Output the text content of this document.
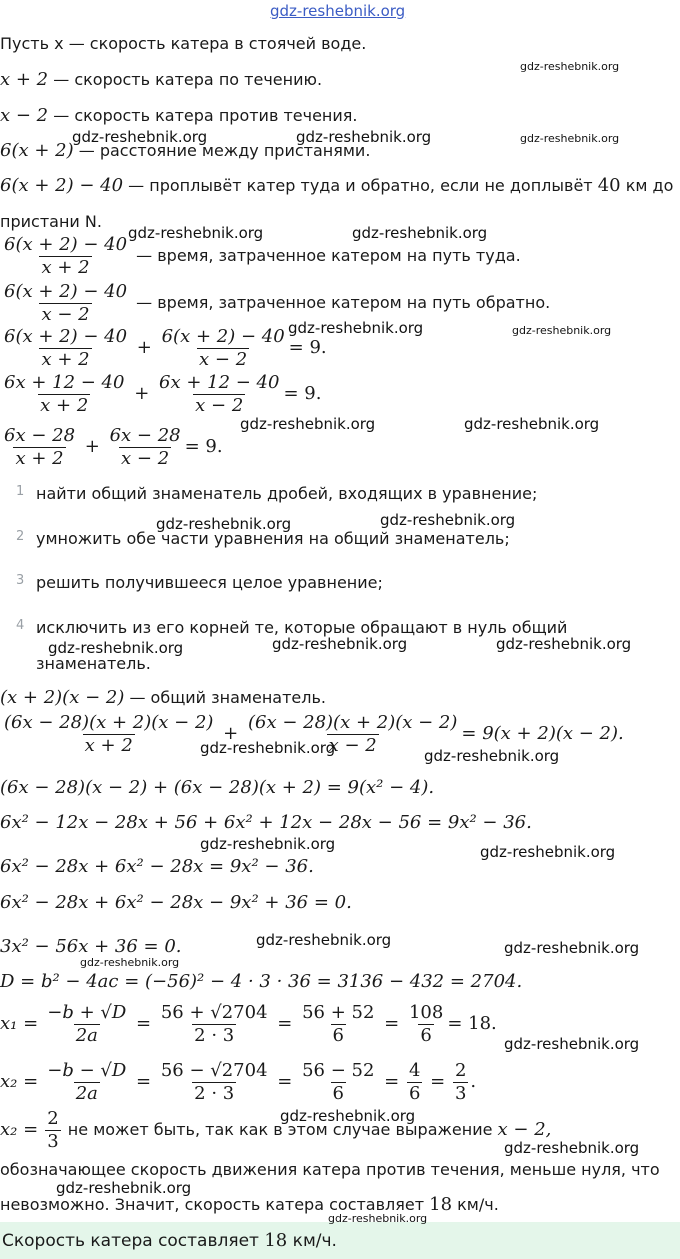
gdz-reshebnik.org
Пусть x — скорость катера в стоячей воде.
x + 2 — скорость катера по течению.
x − 2 — скорость катера против течения.
6(x + 2) — расстояние между пристанями.
6(x + 2) − 40 — проплывёт катер туда и обратно, если не доплывёт 40 км до
пристани N.
$\frac{6(x + 2) - 40}{x + 2}$ — время, затраченное катером на путь туда.
$\frac{6(x + 2) - 40}{x - 2}$ — время, затраченное катером на путь обратно.
$\frac{6(x + 2) - 40}{x + 2} + \frac{6(x + 2) - 40}{x - 2} = 9$.
$\frac{6x + 12 - 40}{x + 2} + \frac{6x + 12 - 40}{x - 2} = 9$.
$\frac{6x - 28}{x + 2} + \frac{6x - 28}{x - 2} = 9$.
1 найти общий знаменатель дробей, входящих в уравнение;
2 умножить обе части уравнения на общий знаменатель;
3 решить получившееся целое уравнение;
4 исключить из его корней те, которые обращают в нуль общий
знаменатель.
(x + 2)(x − 2) — общий знаменатель.
$\frac{(6x - 28)(x + 2)(x - 2)}{x + 2} + \frac{(6x - 28)(x + 2)(x - 2)}{x - 2} = 9(x + 2)(x - 2)$.
(6x − 28)(x − 2) + (6x − 28)(x + 2) = 9(x² − 4).
6x² − 12x − 28x + 56 + 6x² + 12x − 28x − 56 = 9x² − 36.
6x² − 28x + 6x² − 28x = 9x² − 36.
6x² − 28x + 6x² − 28x − 9x² + 36 = 0.
3x² − 56x + 36 = 0.
D = b² − 4ac = (−56)² − 4 · 3 · 36 = 3136 − 432 = 2704.
$x_1 = \frac{-b + √D}{2a} = \frac{56 + √2704}{2 \cdot 3} = \frac{56 + 52}{6} = \frac{108}{6} = 18$.
$x_2 = \frac{-b - √D}{2a} = \frac{56 - √2704}{2 \cdot 3} = \frac{56 - 52}{6} = \frac{4}{6} = \frac{2}{3}$ .
$x_2 = \frac{2}{3}$ не может быть, так как в этом случае выражение x − 2,
обозначающее скорость движения катера против течения, меньше нуля, что
невозможно. Значит, скорость катера составляет 18 км/ч.
Скорость катера составляет 18 км/ч.
gdz-reshebnik.org
gdz-reshebnik.org	gdz-reshebnik.org	gdz-reshebnik.org
gdz-reshebnik.org	gdz-reshebnik.org
gdz-reshebnik.org	gdz-reshebnik.org
gdz-reshebnik.org	gdz-reshebnik.org
gdz-reshebnik.org	gdz-reshebnik.org
gdz-reshebnik.org	gdz-reshebnik.org	gdz-reshebnik.org
gdz-reshebnik.org	gdz-reshebnik.org
gdz-reshebnik.org	gdz-reshebnik.org
gdz-reshebnik.org	gdz-reshebnik.org
gdz-reshebnik.org
gdz-reshebnik.org
gdz-reshebnik.org
gdz-reshebnik.org
gdz-reshebnik.org
gdz-reshebnik.org
